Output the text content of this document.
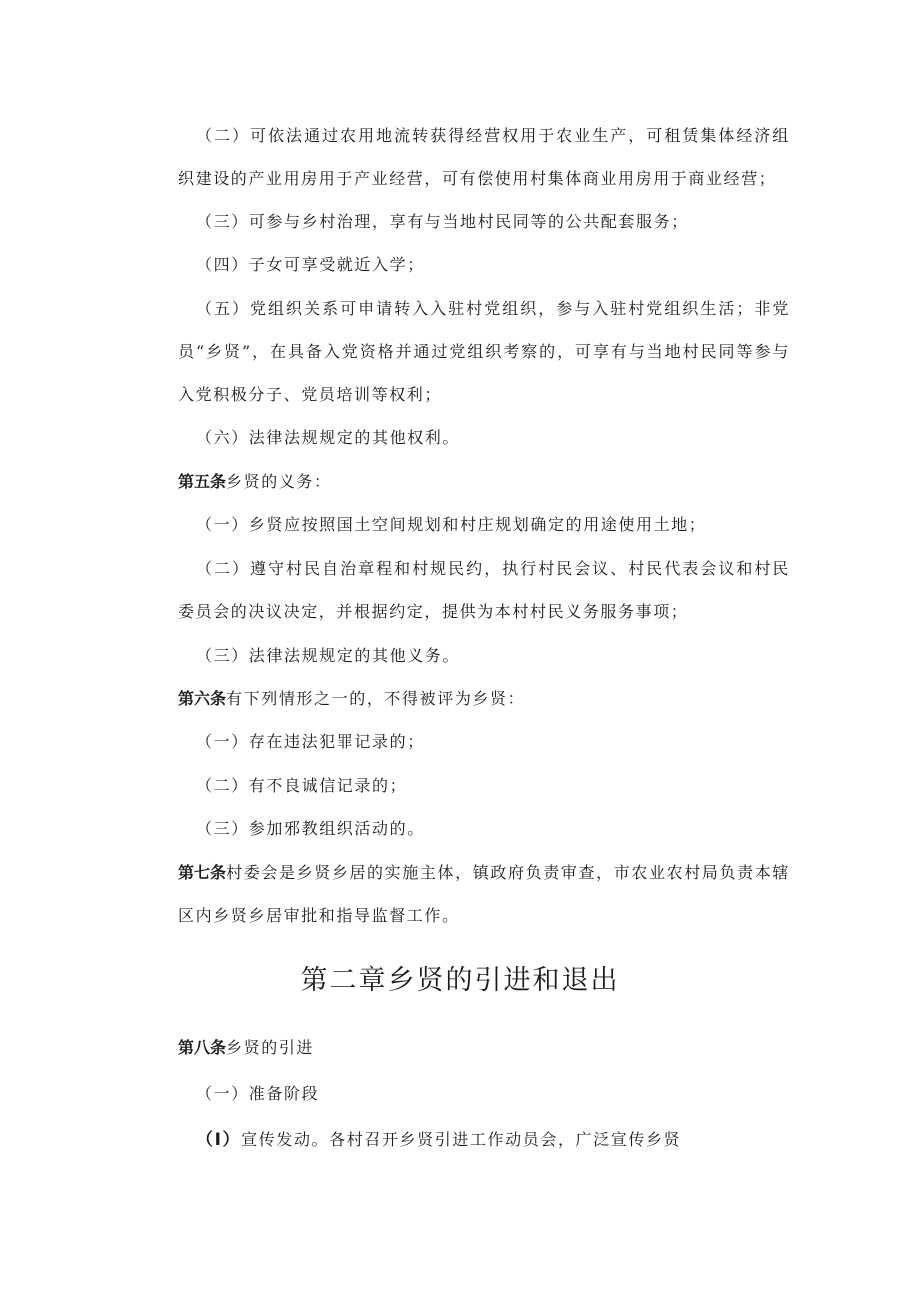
（二）可依法通过农用地流转获得经营权用于农业生产，可租赁集体经济组织建设的产业用房用于产业经营，可有偿使用村集体商业用房用于商业经营；

（三）可参与乡村治理，享有与当地村民同等的公共配套服务；

（四）子女可享受就近入学；

（五）党组织关系可申请转入入驻村党组织，参与入驻村党组织生活；非党员“乡贤”，在具备入党资格并通过党组织考察的，可享有与当地村民同等参与入党积极分子、党员培训等权利；

（六）法律法规规定的其他权利。

第五条乡贤的义务：

（一）乡贤应按照国土空间规划和村庄规划确定的用途使用土地；

（二）遵守村民自治章程和村规民约，执行村民会议、村民代表会议和村民委员会的决议决定，并根据约定，提供为本村村民义务服务事项；

（三）法律法规规定的其他义务。

第六条有下列情形之一的，不得被评为乡贤：

（一）存在违法犯罪记录的；

（二）有不良诚信记录的；

（三）参加邪教组织活动的。

第七条村委会是乡贤乡居的实施主体，镇政府负责审查，市农业农村局负责本辖区内乡贤乡居审批和指导监督工作。

第二章乡贤的引进和退出

第八条乡贤的引进

（一）准备阶段

（I）宣传发动。各村召开乡贤引进工作动员会，广泛宣传乡贤
